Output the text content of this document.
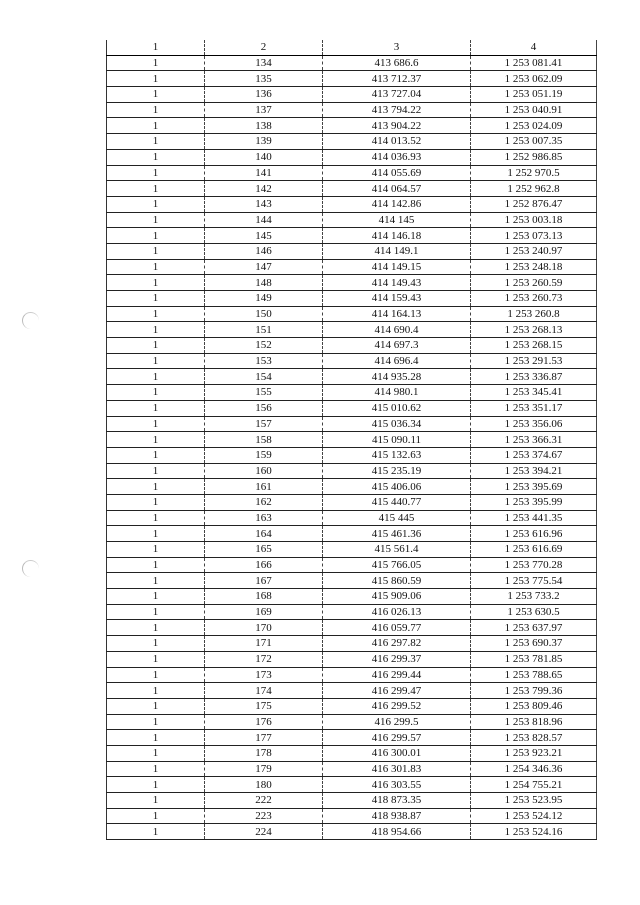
1	2	3	4
1	134	413 686.6	1 253 081.41
1	135	413 712.37	1 253 062.09
1	136	413 727.04	1 253 051.19
1	137	413 794.22	1 253 040.91
1	138	413 904.22	1 253 024.09
1	139	414 013.52	1 253 007.35
1	140	414 036.93	1 252 986.85
1	141	414 055.69	1 252 970.5
1	142	414 064.57	1 252 962.8
1	143	414 142.86	1 252 876.47
1	144	414 145	1 253 003.18
1	145	414 146.18	1 253 073.13
1	146	414 149.1	1 253 240.97
1	147	414 149.15	1 253 248.18
1	148	414 149.43	1 253 260.59
1	149	414 159.43	1 253 260.73
1	150	414 164.13	1 253 260.8
1	151	414 690.4	1 253 268.13
1	152	414 697.3	1 253 268.15
1	153	414 696.4	1 253 291.53
1	154	414 935.28	1 253 336.87
1	155	414 980.1	1 253 345.41
1	156	415 010.62	1 253 351.17
1	157	415 036.34	1 253 356.06
1	158	415 090.11	1 253 366.31
1	159	415 132.63	1 253 374.67
1	160	415 235.19	1 253 394.21
1	161	415 406.06	1 253 395.69
1	162	415 440.77	1 253 395.99
1	163	415 445	1 253 441.35
1	164	415 461.36	1 253 616.96
1	165	415 561.4	1 253 616.69
1	166	415 766.05	1 253 770.28
1	167	415 860.59	1 253 775.54
1	168	415 909.06	1 253 733.2
1	169	416 026.13	1 253 630.5
1	170	416 059.77	1 253 637.97
1	171	416 297.82	1 253 690.37
1	172	416 299.37	1 253 781.85
1	173	416 299.44	1 253 788.65
1	174	416 299.47	1 253 799.36
1	175	416 299.52	1 253 809.46
1	176	416 299.5	1 253 818.96
1	177	416 299.57	1 253 828.57
1	178	416 300.01	1 253 923.21
1	179	416 301.83	1 254 346.36
1	180	416 303.55	1 254 755.21
1	222	418 873.35	1 253 523.95
1	223	418 938.87	1 253 524.12
1	224	418 954.66	1 253 524.16
